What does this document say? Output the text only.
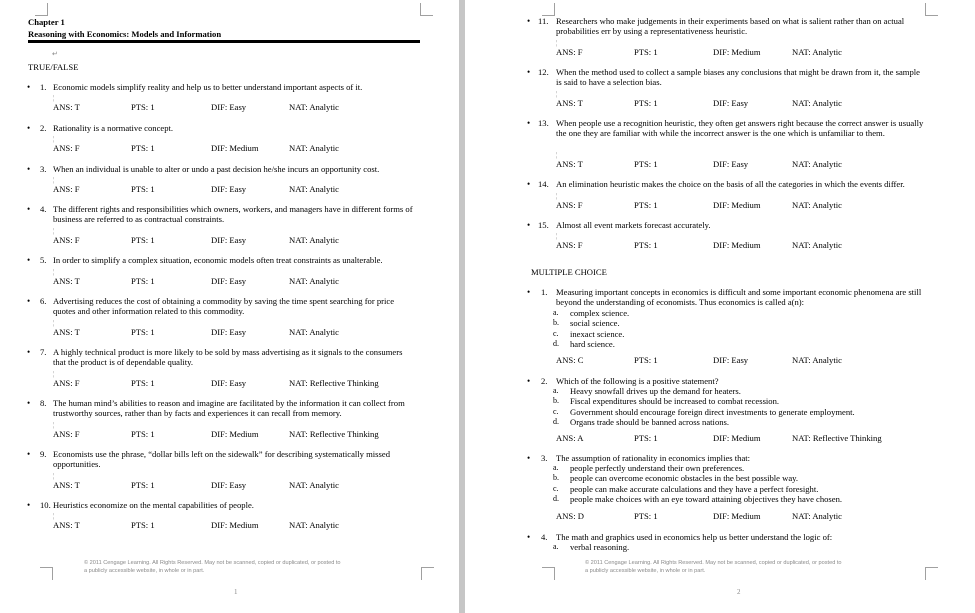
Chapter 1
Reasoning with Economics: Models and Information
↵
TRUE/FALSE
• 1. Economic models simplify reality and help us to better understand important aspects of it.
¦
ANS: T	PTS: 1	DIF: Easy	NAT: Analytic
• 2. Rationality is a normative concept.
¦
ANS: F	PTS: 1	DIF: Medium	NAT: Analytic
• 3. When an individual is unable to alter or undo a past decision he/she incurs an opportunity cost.
¦
ANS: F	PTS: 1	DIF: Easy	NAT: Analytic
• 4. The different rights and responsibilities which owners, workers, and managers have in different forms of business are referred to as contractual constraints.
¦
ANS: F	PTS: 1	DIF: Easy	NAT: Analytic
• 5. In order to simplify a complex situation, economic models often treat constraints as unalterable.
¦
ANS: T	PTS: 1	DIF: Easy	NAT: Analytic
• 6. Advertising reduces the cost of obtaining a commodity by saving the time spent searching for price quotes and other information related to this commodity.
¦
ANS: T	PTS: 1	DIF: Easy	NAT: Analytic
• 7. A highly technical product is more likely to be sold by mass advertising as it signals to the consumers that the product is of dependable quality.
¦
ANS: F	PTS: 1	DIF: Easy	NAT: Reflective Thinking
• 8. The human mind’s abilities to reason and imagine are facilitated by the information it can collect from trustworthy sources, rather than by facts and experiences it can recall from memory.
¦
ANS: F	PTS: 1	DIF: Medium	NAT: Reflective Thinking
• 9. Economists use the phrase, “dollar bills left on the sidewalk” for describing systematically missed opportunities.
¦
ANS: T	PTS: 1	DIF: Easy	NAT: Analytic
• 10. Heuristics economize on the mental capabilities of people.
¦
ANS: T	PTS: 1	DIF: Medium	NAT: Analytic
© 2011 Cengage Learning. All Rights Reserved. May not be scanned, copied or duplicated, or posted to
a publicly accessible website, in whole or in part.
1
• 11. Researchers who make judgements in their experiments based on what is salient rather than on actual probabilities err by using a representativeness heuristic.
¦
ANS: F	PTS: 1	DIF: Medium	NAT: Analytic
• 12. When the method used to collect a sample biases any conclusions that might be drawn from it, the sample is said to have a selection bias.
¦
ANS: T	PTS: 1	DIF: Easy	NAT: Analytic
• 13. When people use a recognition heuristic, they often get answers right because the correct answer is usually the one they are familiar with while the incorrect answer is the one which is unfamiliar to them.
¦
ANS: T	PTS: 1	DIF: Easy	NAT: Analytic
• 14. An elimination heuristic makes the choice on the basis of all the categories in which the events differ.
¦
ANS: F	PTS: 1	DIF: Medium	NAT: Analytic
• 15. Almost all event markets forecast accurately.
¦
ANS: F	PTS: 1	DIF: Medium	NAT: Analytic
MULTIPLE CHOICE
• 1. Measuring important concepts in economics is difficult and some important economic phenomena are still beyond the understanding of economists. Thus economics is called a(n):
a. complex science.
b. social science.
c. inexact science.
d. hard science.
ANS: C	PTS: 1	DIF: Easy	NAT: Analytic
• 2. Which of the following is a positive statement?
a. Heavy snowfall drives up the demand for heaters.
b. Fiscal expenditures should be increased to combat recession.
c. Government should encourage foreign direct investments to generate employment.
d. Organs trade should be banned across nations.
ANS: A	PTS: 1	DIF: Medium	NAT: Reflective Thinking
• 3. The assumption of rationality in economics implies that:
a. people perfectly understand their own preferences.
b. people can overcome economic obstacles in the best possible way.
c. people can make accurate calculations and they have a perfect foresight.
d. people make choices with an eye toward attaining objectives they have chosen.
ANS: D	PTS: 1	DIF: Medium	NAT: Analytic
• 4. The math and graphics used in economics help us better understand the logic of:
a. verbal reasoning.
© 2011 Cengage Learning. All Rights Reserved. May not be scanned, copied or duplicated, or posted to
a publicly accessible website, in whole or in part.
2
